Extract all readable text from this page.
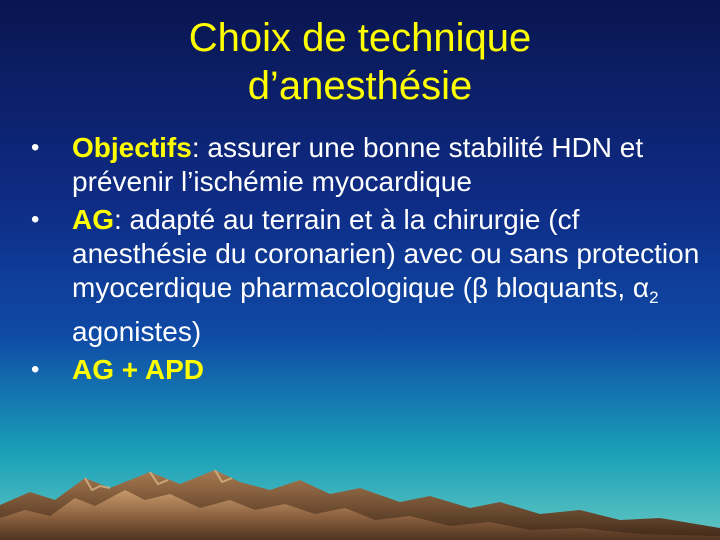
Choix de technique
d’anesthésie
• Objectifs: assurer une bonne stabilité HDN et prévenir l’ischémie myocardique
• AG: adapté au terrain et à la chirurgie (cf anesthésie du coronarien) avec ou sans protection myocerdique pharmacologique (β bloquants, $\alpha_2$ agonistes)
• AG + APD
